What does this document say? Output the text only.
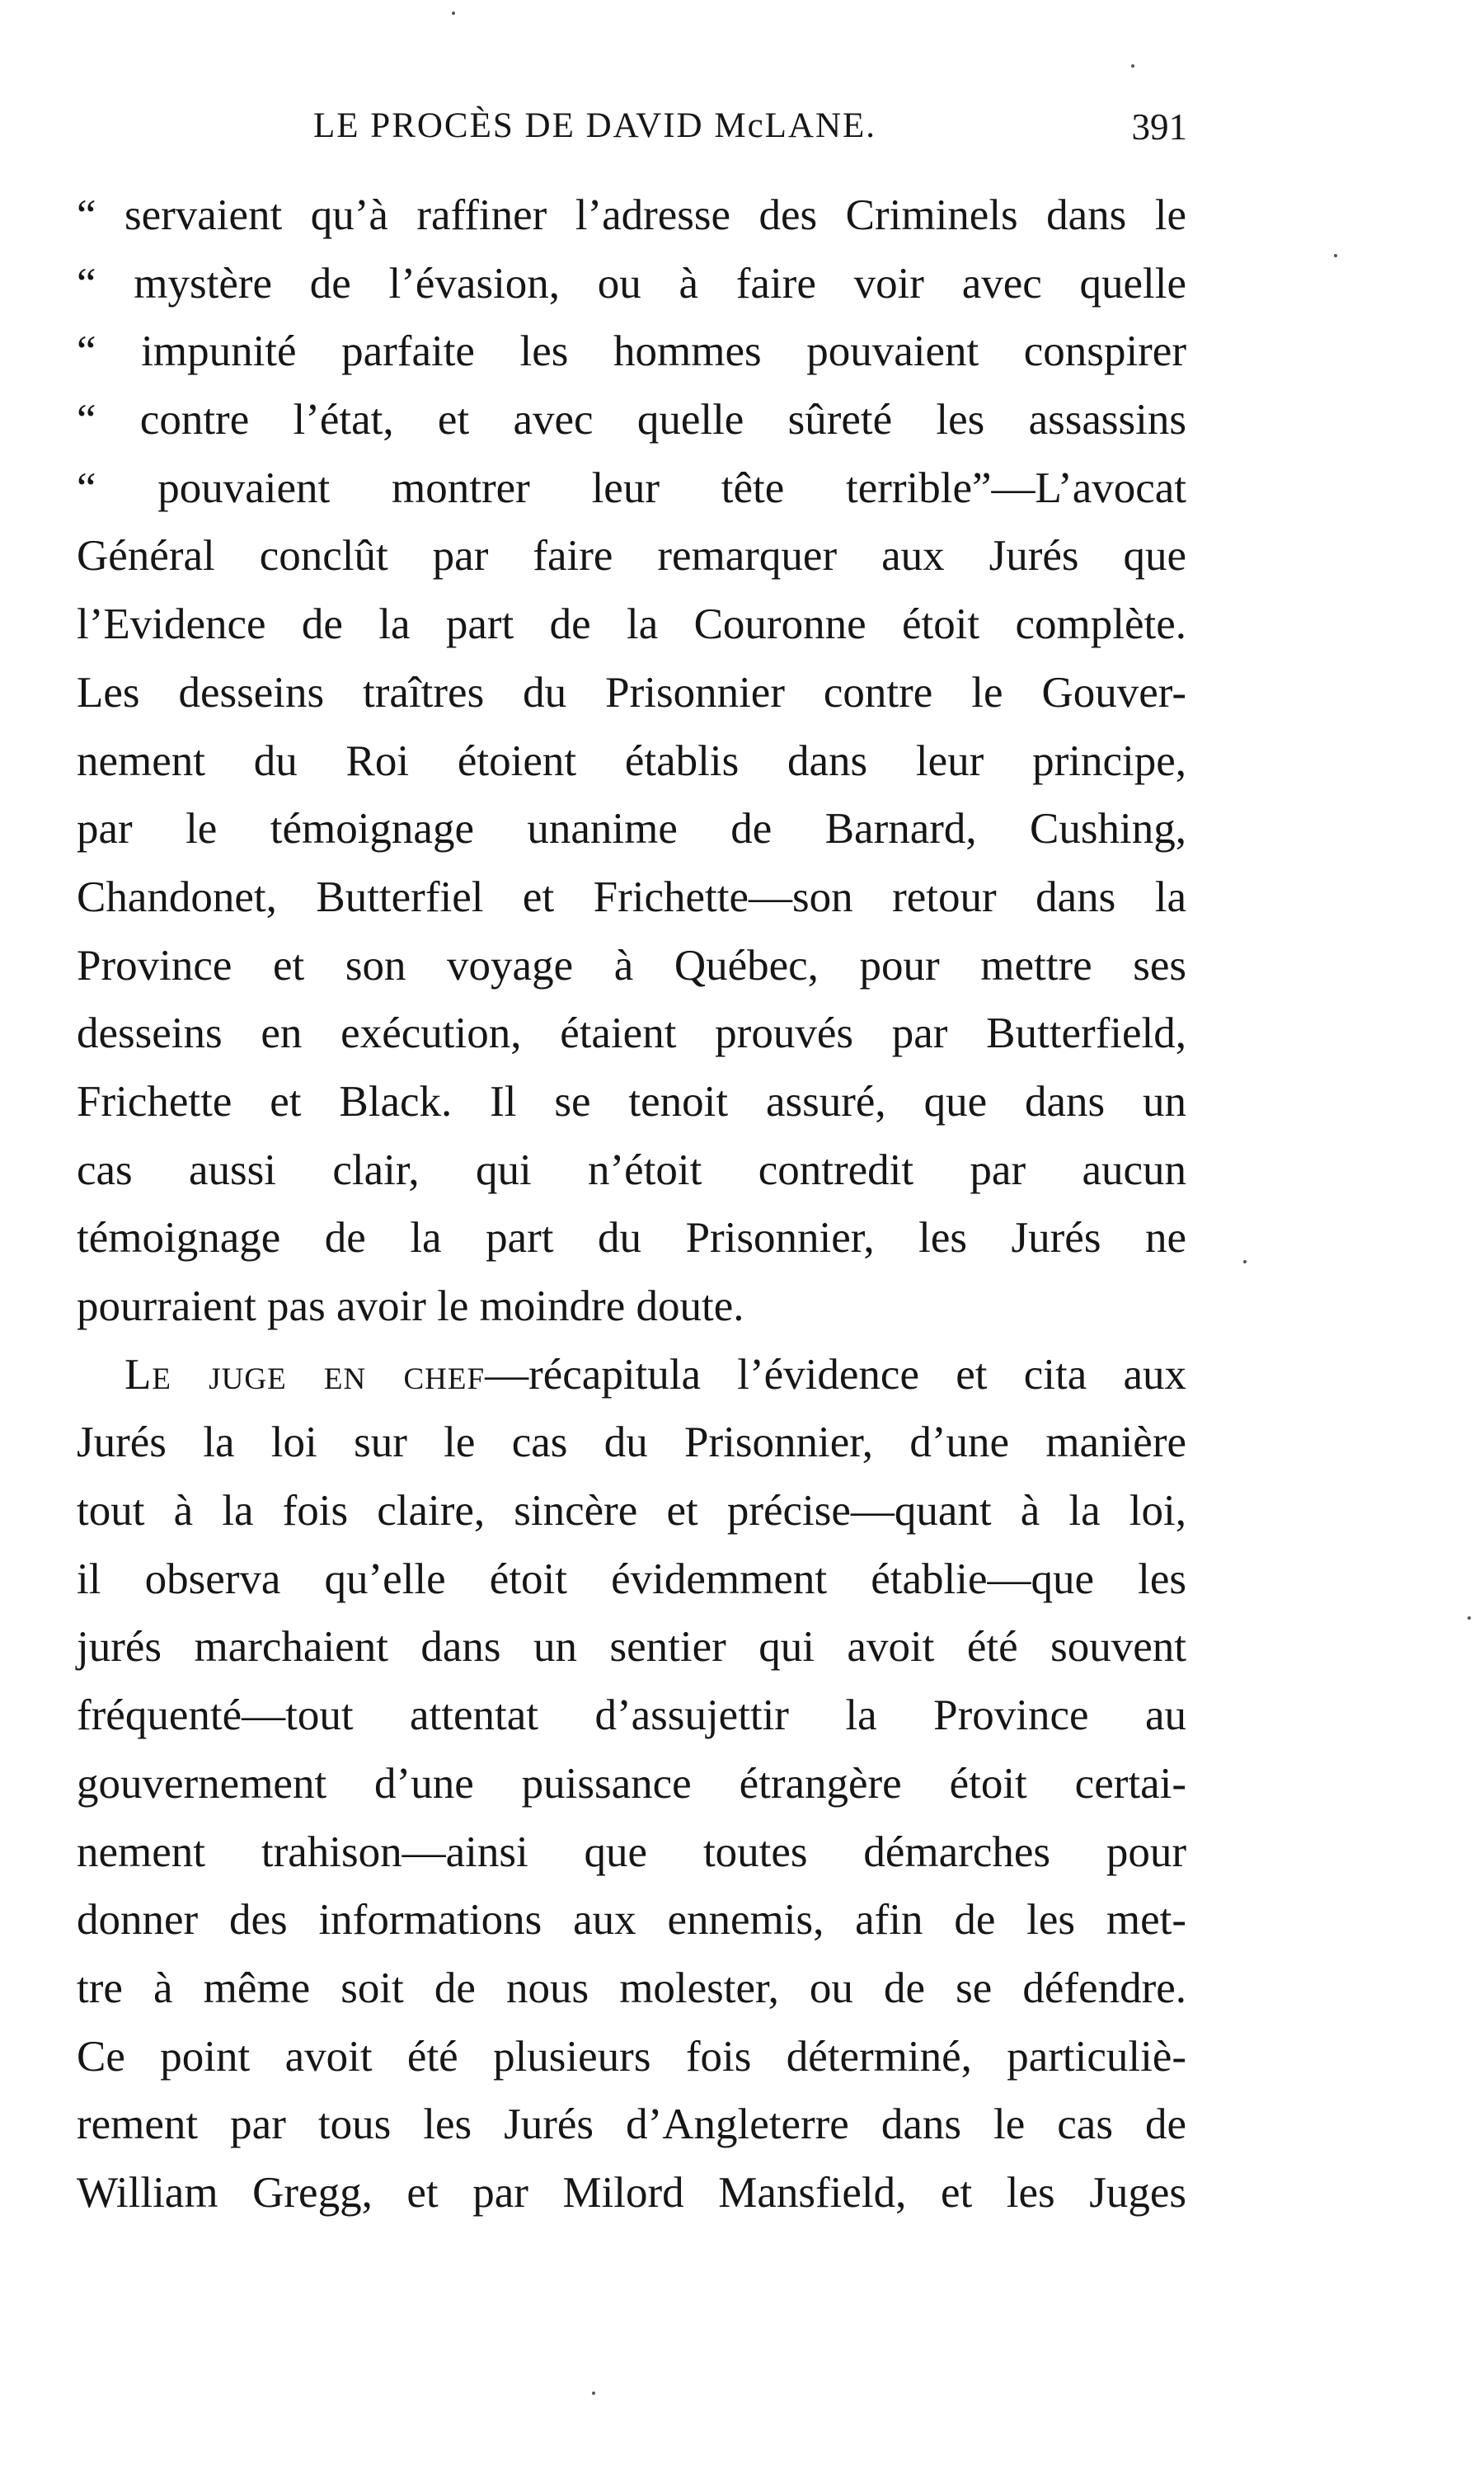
LE PROCÈS DE DAVID McLANE.	391
“ servaient qu’à raffiner l’adresse des Criminels dans le
“ mystère de l’évasion, ou à faire voir avec quelle
“ impunité parfaite les hommes pouvaient conspirer
“ contre l’état, et avec quelle sûreté les assassins
“ pouvaient montrer leur tête terrible”—L’avocat
Général conclût par faire remarquer aux Jurés que
l’Evidence de la part de la Couronne étoit complète.
Les desseins traîtres du Prisonnier contre le Gouver-
nement du Roi étoient établis dans leur principe,
par le témoignage unanime de Barnard, Cushing,
Chandonet, Butterfiel et Frichette—son retour dans la
Province et son voyage à Québec, pour mettre ses
desseins en exécution, étaient prouvés par Butterfield,
Frichette et Black. Il se tenoit assuré, que dans un
cas aussi clair, qui n’étoit contredit par aucun
témoignage de la part du Prisonnier, les Jurés ne
pourraient pas avoir le moindre doute.
Le juge en chef—récapitula l’évidence et cita aux
Jurés la loi sur le cas du Prisonnier, d’une manière
tout à la fois claire, sincère et précise—quant à la loi,
il observa qu’elle étoit évidemment établie—que les
jurés marchaient dans un sentier qui avoit été souvent
fréquenté—tout attentat d’assujettir la Province au
gouvernement d’une puissance étrangère étoit certai-
nement trahison—ainsi que toutes démarches pour
donner des informations aux ennemis, afin de les met-
tre à même soit de nous molester, ou de se défendre.
Ce point avoit été plusieurs fois déterminé, particuliè-
rement par tous les Jurés d’Angleterre dans le cas de
William Gregg, et par Milord Mansfield, et les Juges
